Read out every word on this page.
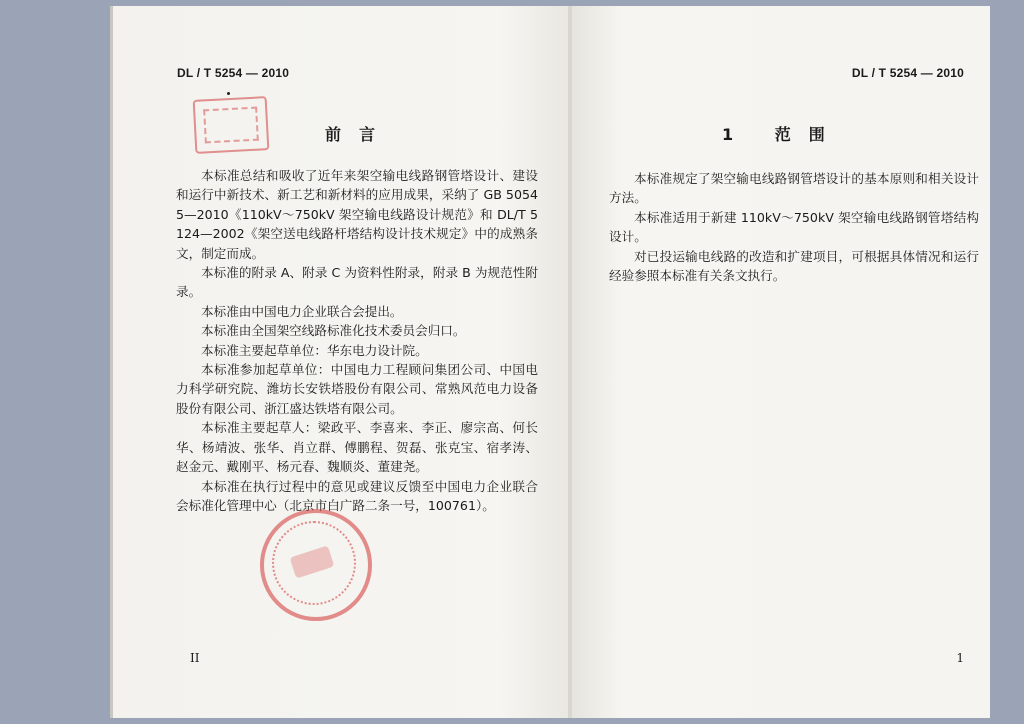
DL / T 5254 — 2010
前言

本标准总结和吸收了近年来架空输电线路钢管塔设计、建设和运行中新技术、新工艺和新材料的应用成果，采纳了 GB 50545—2010《110kV～750kV 架空输电线路设计规范》和 DL/T 5124—2002《架空送电线路杆塔结构设计技术规定》中的成熟条文，制定而成。

本标准的附录 A、附录 C 为资料性附录，附录 B 为规范性附录。

本标准由中国电力企业联合会提出。

本标准由全国架空线路标准化技术委员会归口。

本标准主要起草单位：华东电力设计院。

本标准参加起草单位：中国电力工程顾问集团公司、中国电力科学研究院、潍坊长安铁塔股份有限公司、常熟风范电力设备股份有限公司、浙江盛达铁塔有限公司。

本标准主要起草人：梁政平、李喜来、李正、廖宗高、何长华、杨靖波、张华、肖立群、傅鹏程、贺磊、张克宝、宿孝涛、赵金元、戴刚平、杨元春、魏顺炎、董建尧。

本标准在执行过程中的意见或建议反馈至中国电力企业联合会标准化管理中心（北京市白广路二条一号，100761）。

II
DL / T 5254 — 2010
1 范围

本标准规定了架空输电线路钢管塔设计的基本原则和相关设计方法。

本标准适用于新建 110kV～750kV 架空输电线路钢管塔结构设计。

对已投运输电线路的改造和扩建项目，可根据具体情况和运行经验参照本标准有关条文执行。

1
